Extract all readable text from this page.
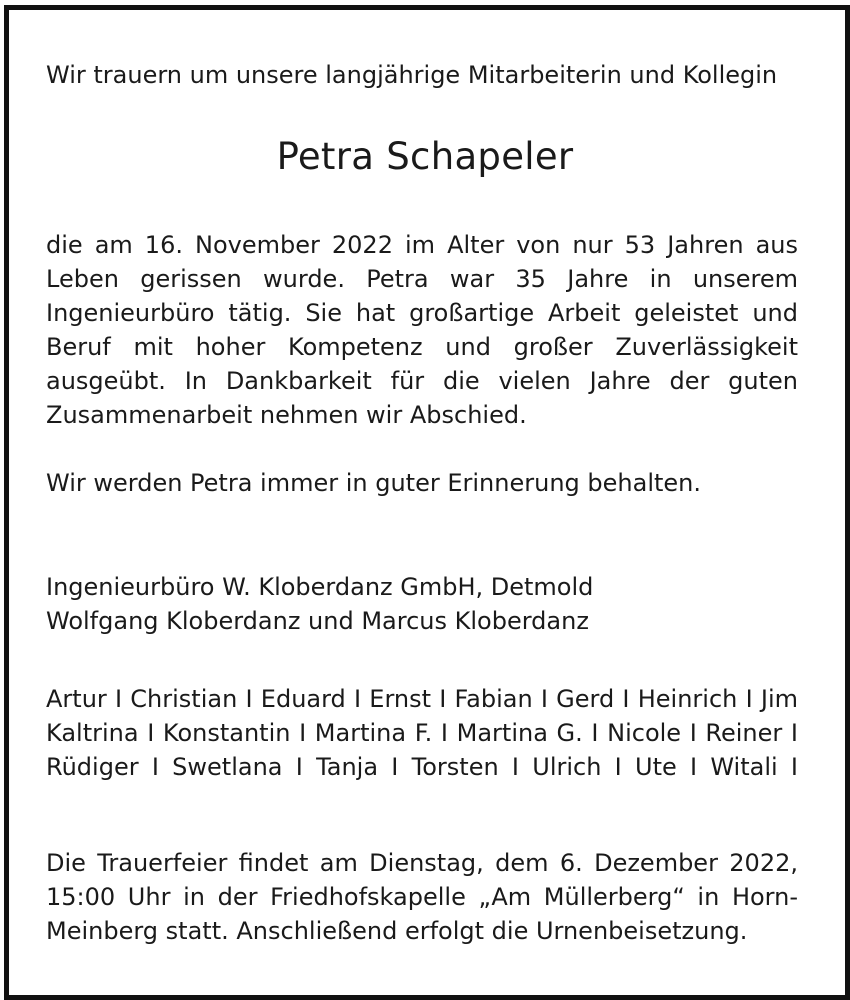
Wir trauern um unsere langjährige Mitarbeiterin und Kollegin
Petra Schapeler
die am 16. November 2022 im Alter von nur 53 Jahren aus
Leben gerissen wurde. Petra war 35 Jahre in unserem
Ingenieurbüro tätig. Sie hat großartige Arbeit geleistet und
Beruf mit hoher Kompetenz und großer Zuverlässigkeit
ausgeübt. In Dankbarkeit für die vielen Jahre der guten
Zusammenarbeit nehmen wir Abschied.
Wir werden Petra immer in guter Erinnerung behalten.
Ingenieurbüro W. Kloberdanz GmbH, Detmold
Wolfgang Kloberdanz und Marcus Kloberdanz
Artur I Christian I Eduard I Ernst I Fabian I Gerd I Heinrich I Jim
Kaltrina I Konstantin I Martina F. I Martina G. I Nicole I Reiner I
Rüdiger I Swetlana I Tanja I Torsten I Ulrich I Ute I Witali I
Die Trauerfeier findet am Dienstag, dem 6. Dezember 2022,
15:00 Uhr in der Friedhofskapelle „Am Müllerberg“ in Horn-
Meinberg statt. Anschließend erfolgt die Urnenbeisetzung.
